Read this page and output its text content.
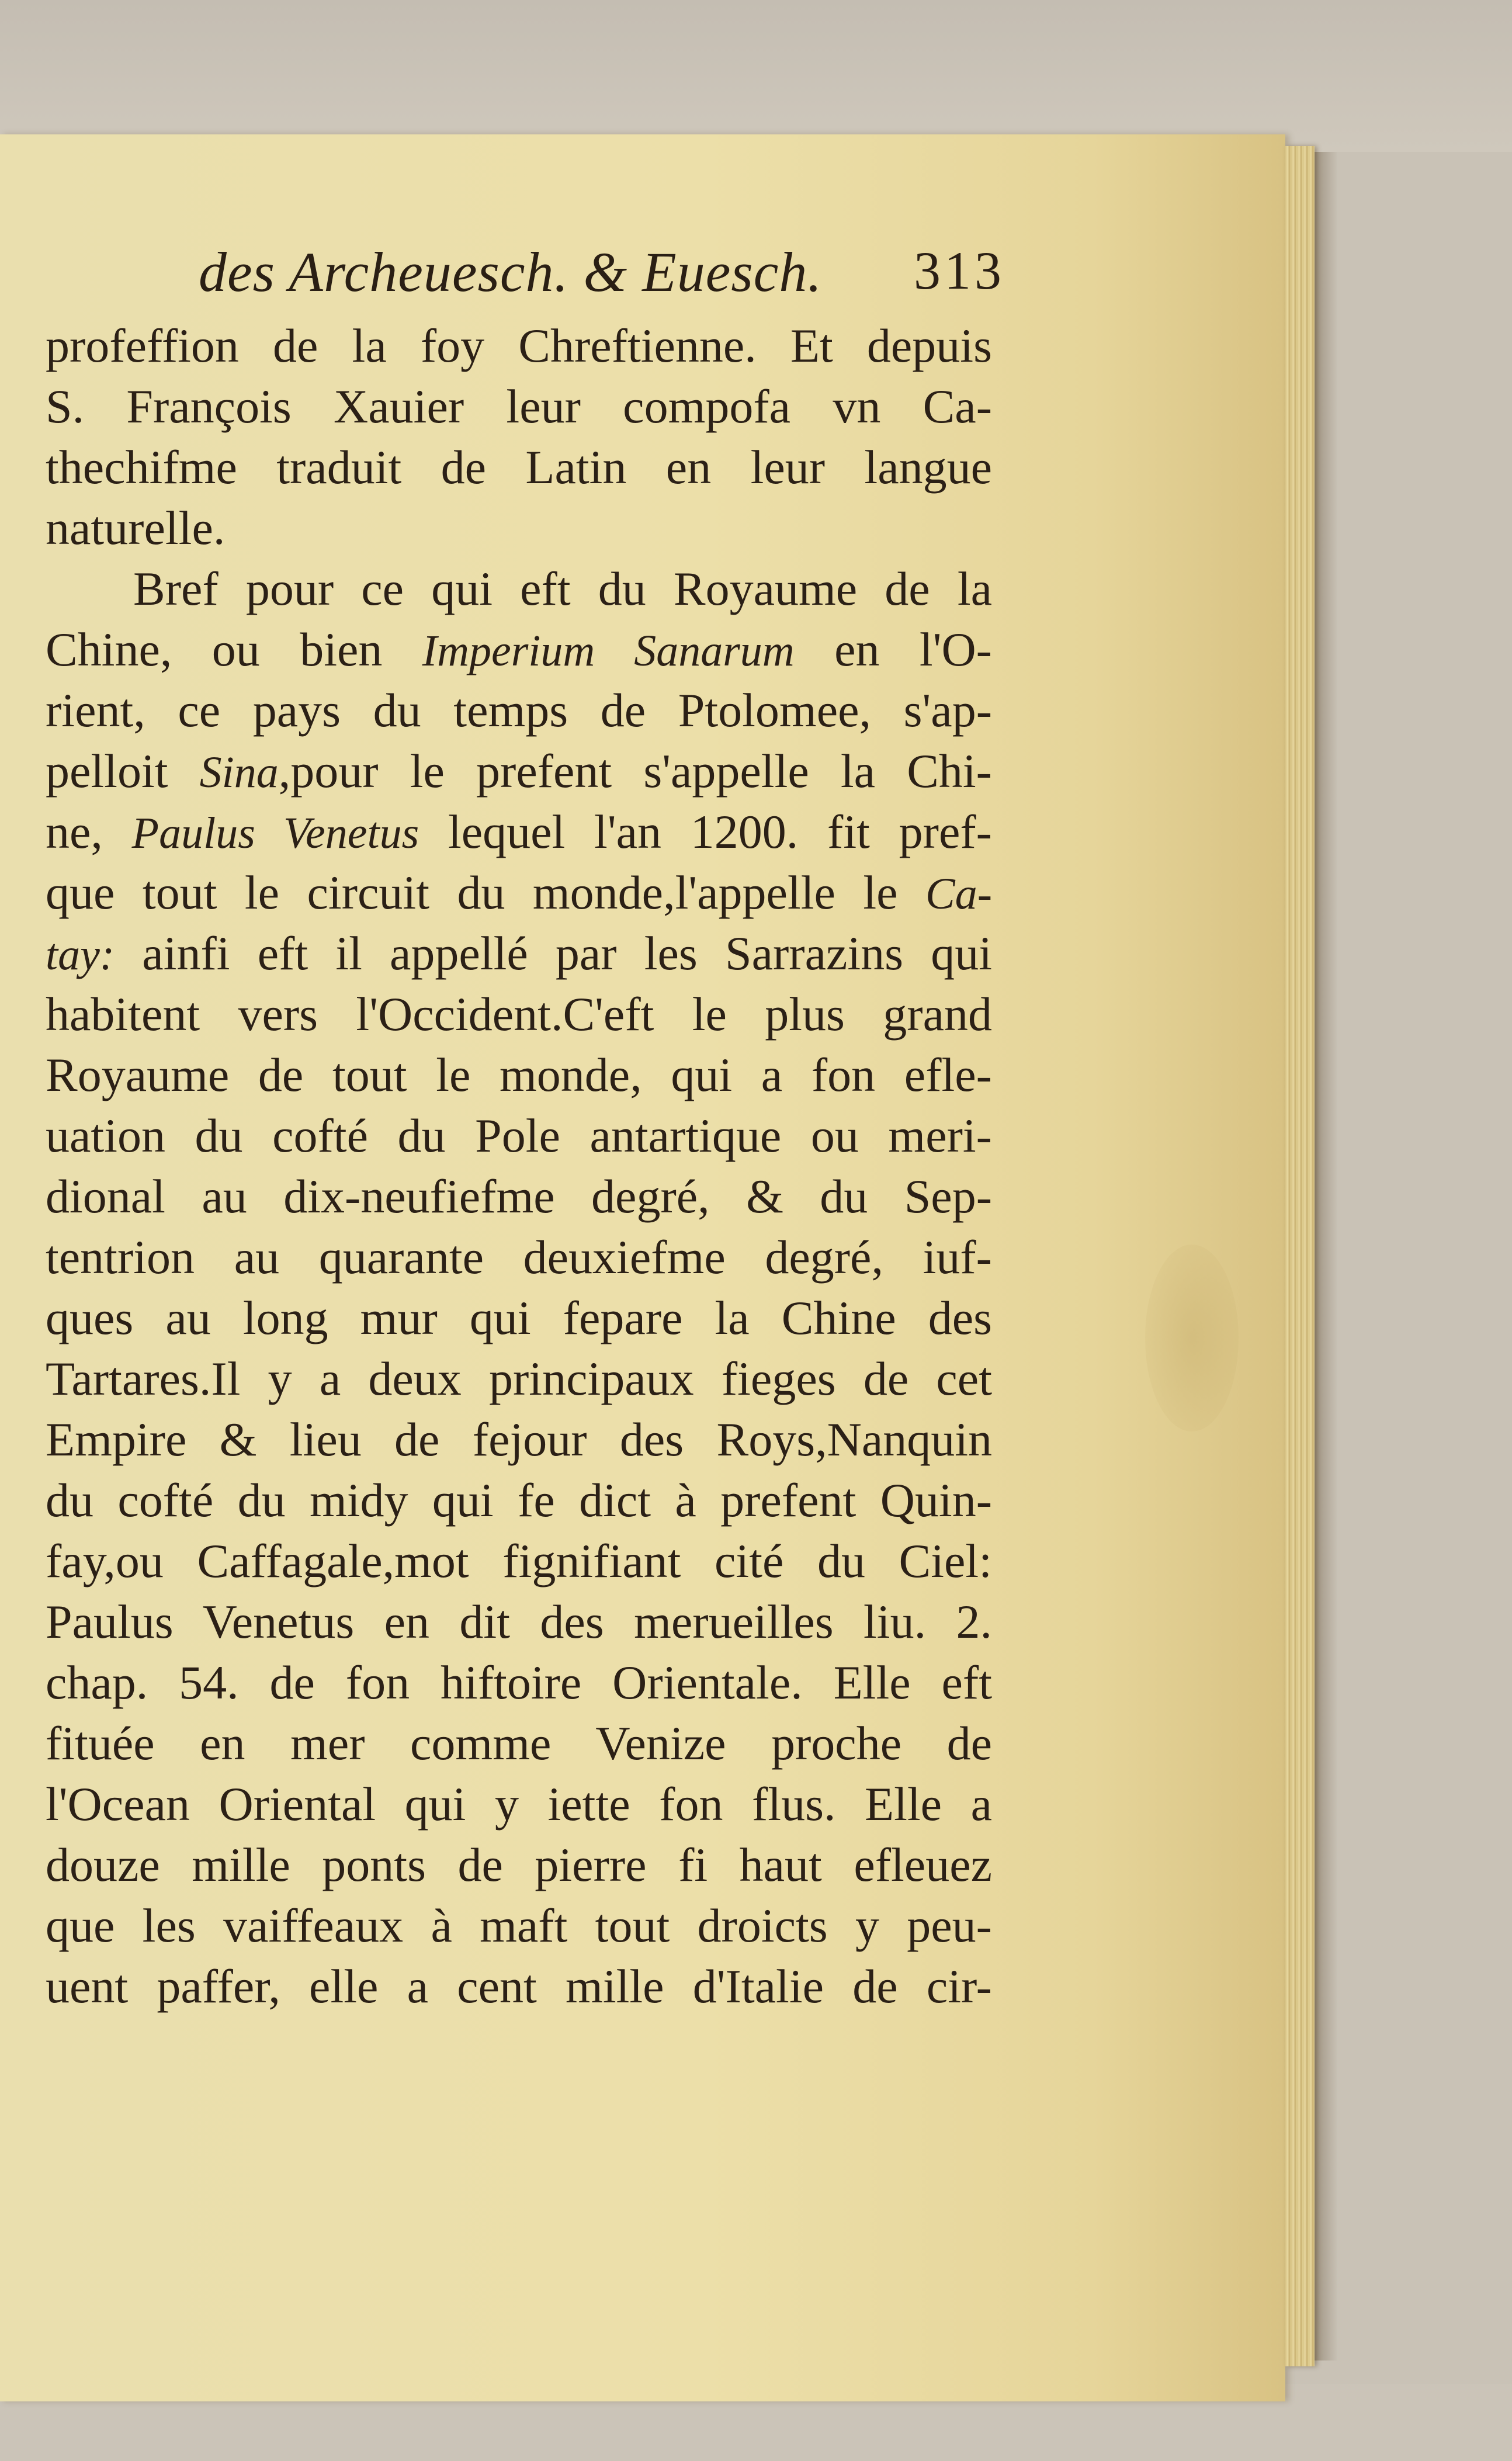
des Archeuesch. & Euesch. 313
profeffion de la foy Chreftienne. Et depuis
S. François Xauier leur compofa vn Ca-
thechifme traduit de Latin en leur langue
naturelle.
Bref pour ce qui eft du Royaume de la
Chine, ou bien Imperium Sanarum en l'O-
rient, ce pays du temps de Ptolomee, s'ap-
pelloit Sina,pour le prefent s'appelle la Chi-
ne, Paulus Venetus lequel l'an 1200. fit pref-
que tout le circuit du monde,l'appelle le Ca-
tay: ainfi eft il appellé par les Sarrazins qui
habitent vers l'Occident.C'eft le plus grand
Royaume de tout le monde, qui a fon efle-
uation du cofté du Pole antartique ou meri-
dional au dix-neufiefme degré, & du Sep-
tentrion au quarante deuxiefme degré, iuf-
ques au long mur qui fepare la Chine des
Tartares.Il y a deux principaux fieges de cet
Empire & lieu de fejour des Roys,Nanquin
du cofté du midy qui fe dict à prefent Quin-
fay,ou Caffagale,mot fignifiant cité du Ciel:
Paulus Venetus en dit des merueilles liu. 2.
chap. 54. de fon hiftoire Orientale. Elle eft
fituée en mer comme Venize proche de
l'Ocean Oriental qui y iette fon flus. Elle a
douze mille ponts de pierre fi haut efleuez
que les vaiffeaux à maft tout droicts y peu-
uent paffer, elle a cent mille d'Italie de cir-
